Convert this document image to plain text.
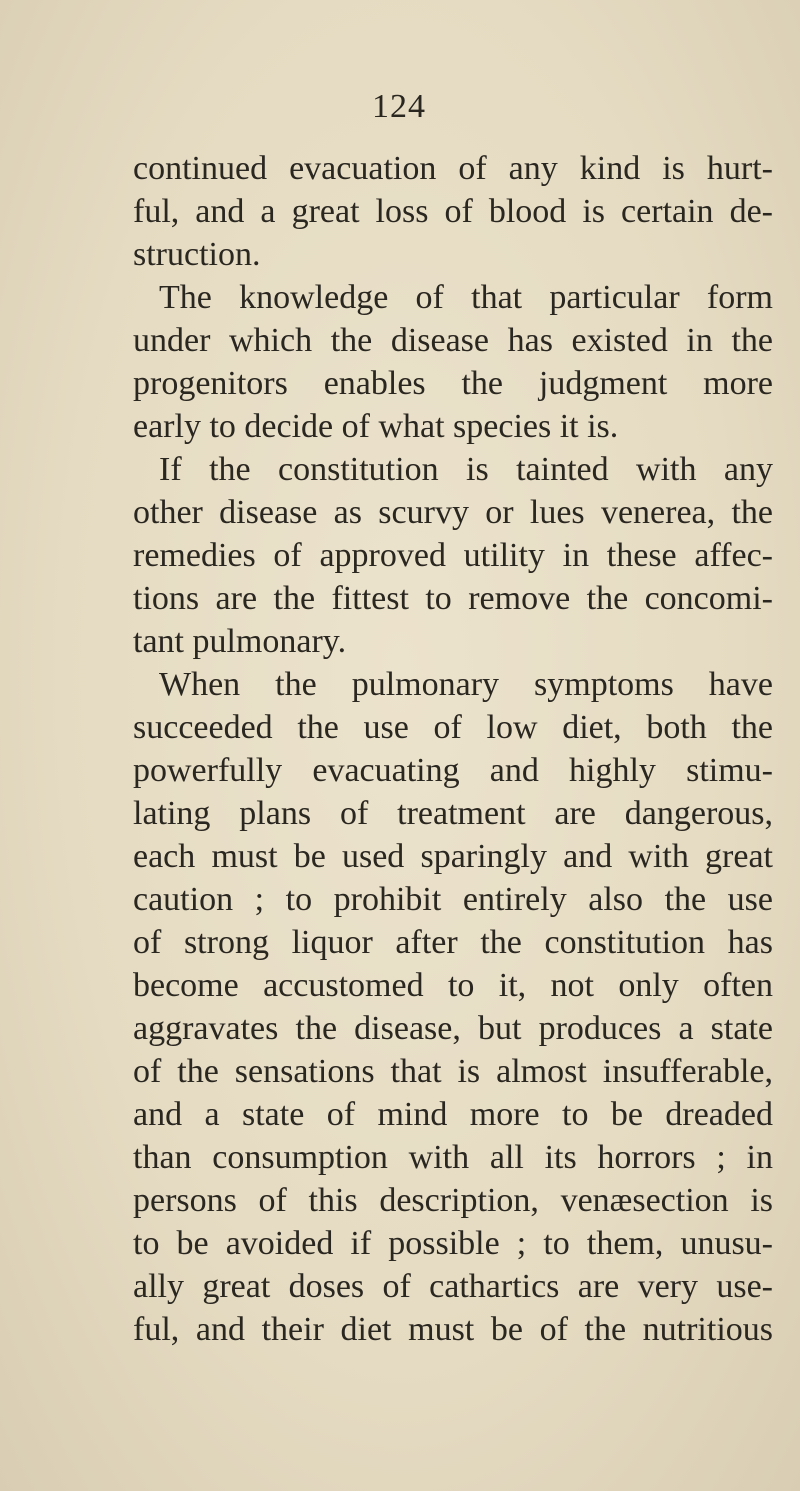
124
continued evacuation of any kind is hurt-
ful, and a great loss of blood is certain de-
struction.
The knowledge of that particular form
under which the disease has existed in the
progenitors enables the judgment more
early to decide of what species it is.
If the constitution is tainted with any
other disease as scurvy or lues venerea, the
remedies of approved utility in these affec-
tions are the fittest to remove the concomi-
tant pulmonary.
When the pulmonary symptoms have
succeeded the use of low diet, both the
powerfully evacuating and highly stimu-
lating plans of treatment are dangerous,
each must be used sparingly and with great
caution ; to prohibit entirely also the use
of strong liquor after the constitution has
become accustomed to it, not only often
aggravates the disease, but produces a state
of the sensations that is almost insufferable,
and a state of mind more to be dreaded
than consumption with all its horrors ; in
persons of this description, venæsection is
to be avoided if possible ; to them, unusu-
ally great doses of cathartics are very use-
ful, and their diet must be of the nutritious
